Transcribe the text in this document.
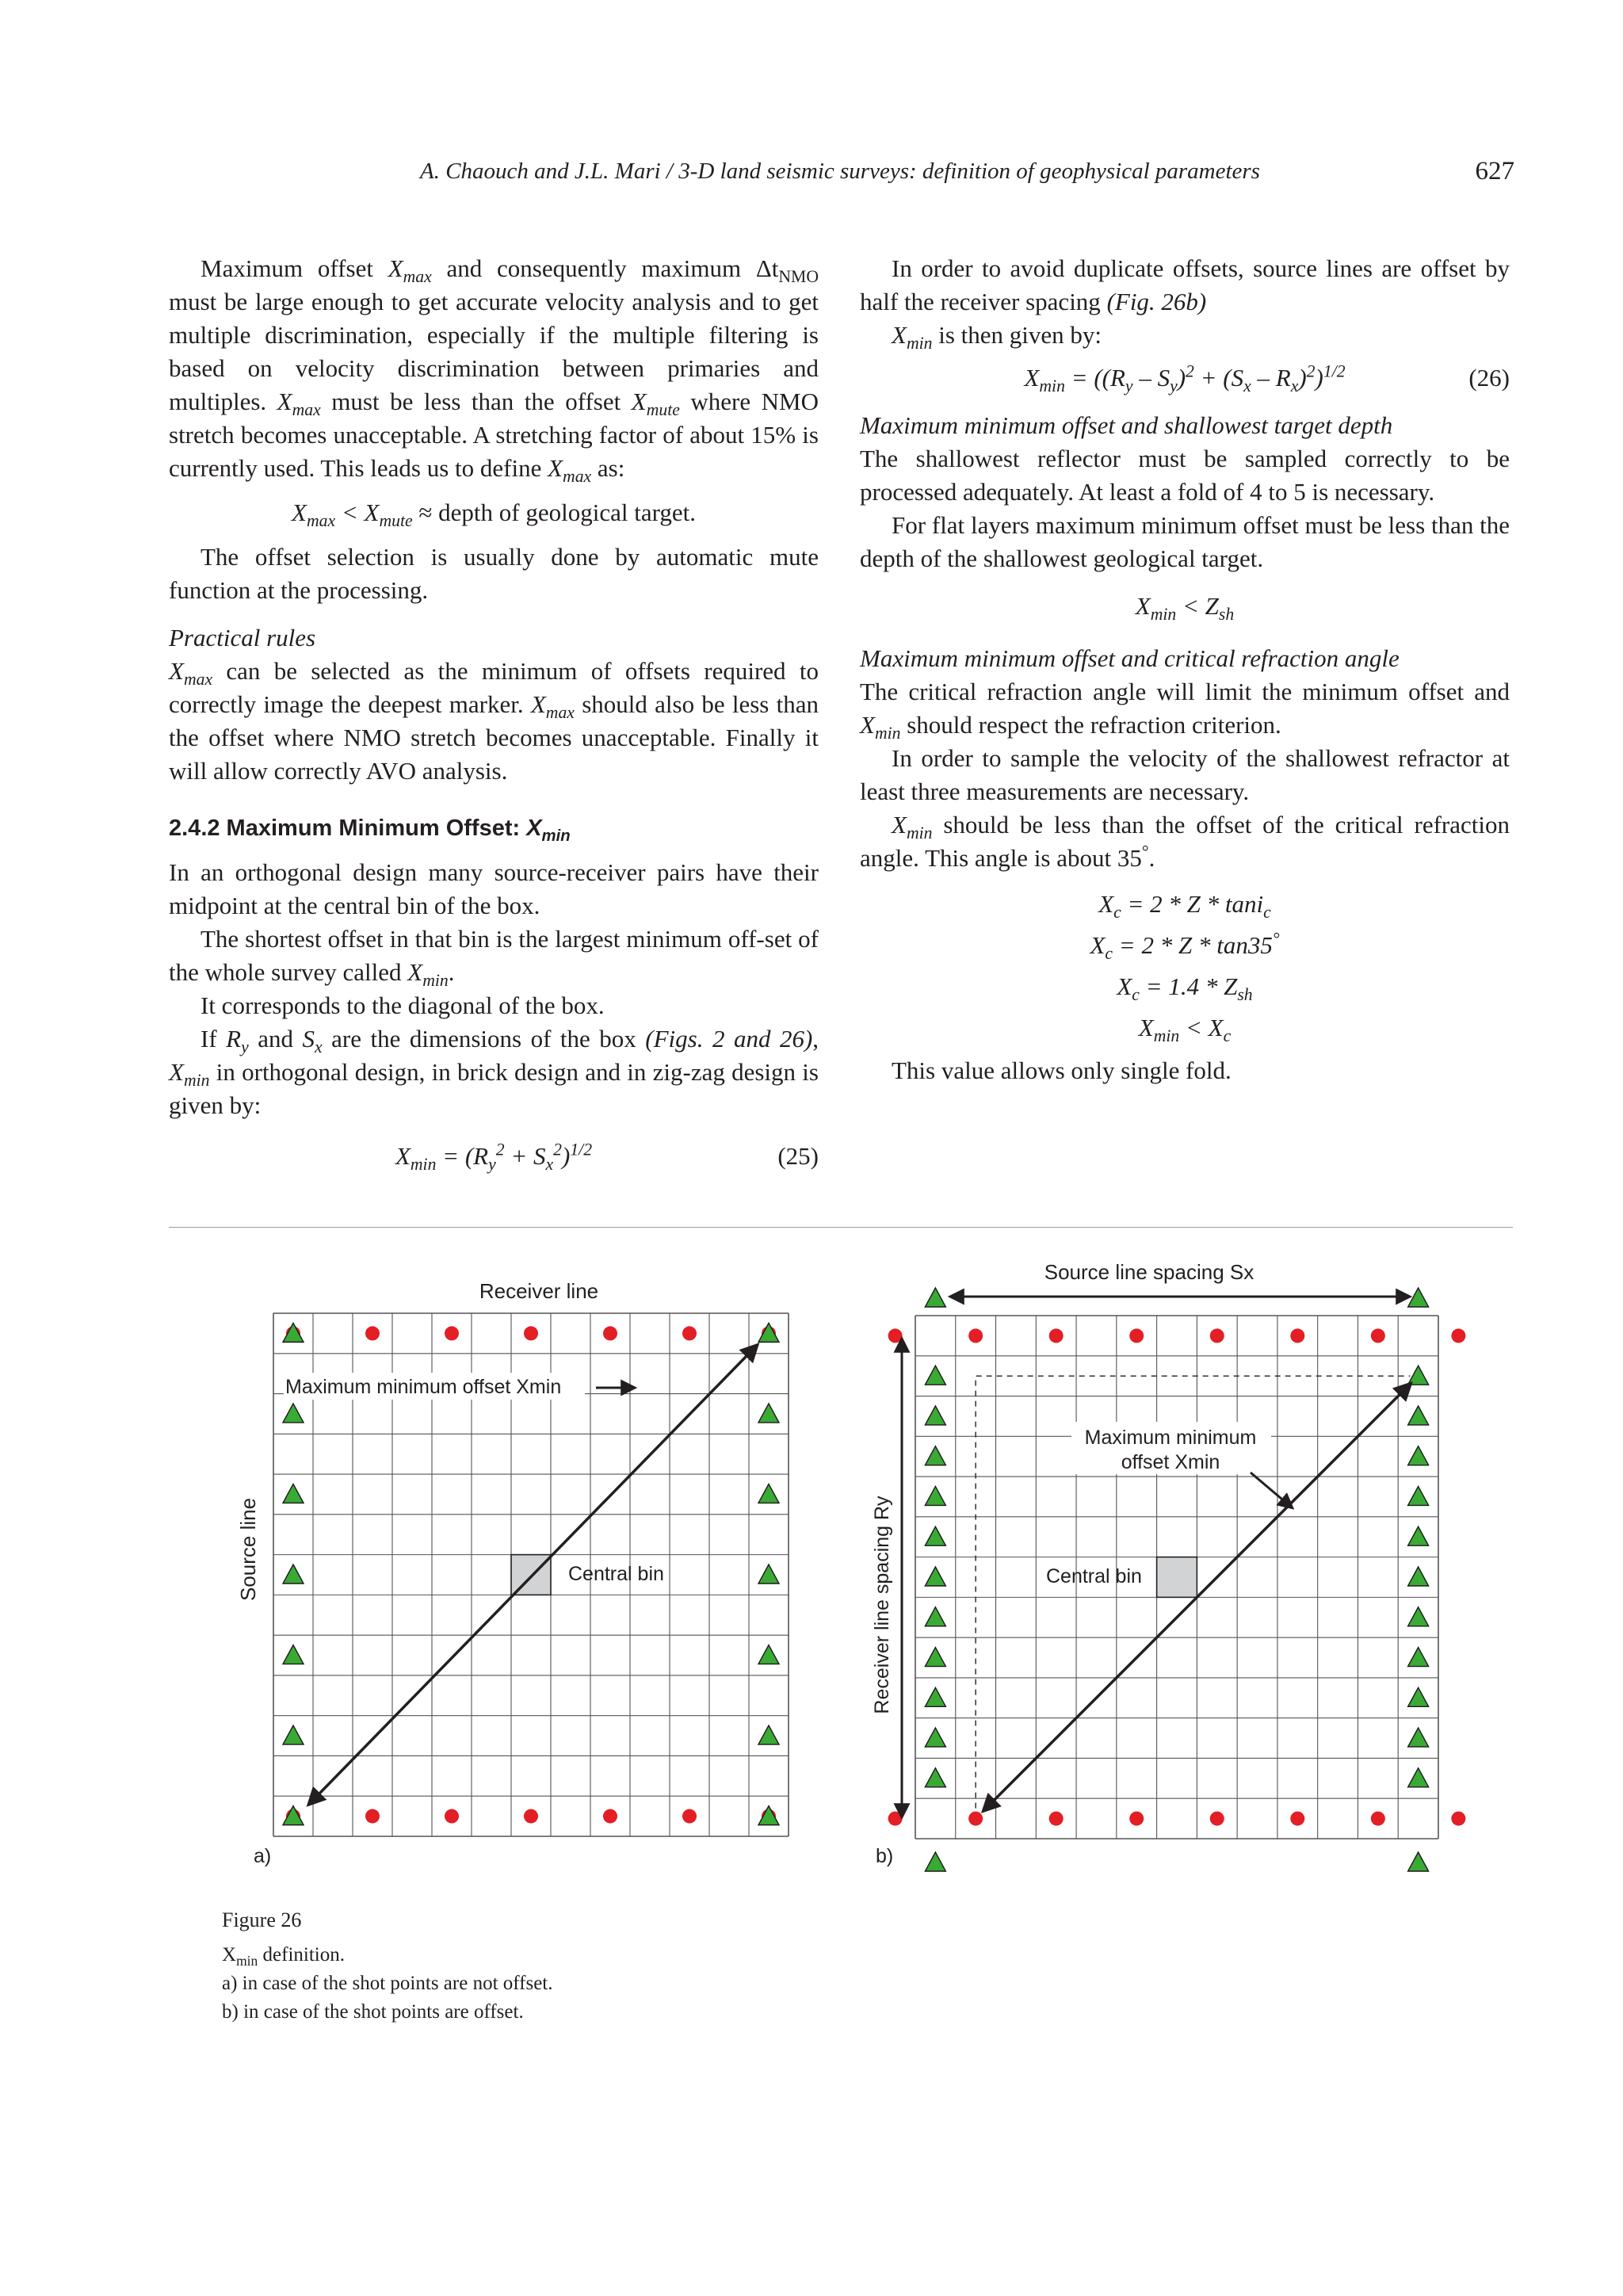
A. Chaouch and J.L. Mari / 3-D land seismic surveys: definition of geophysical parameters	627

Maximum offset $X_{max}$ and consequently maximum $\Delta t_{NMO}$ must be large enough to get accurate velocity analysis and to get multiple discrimination, especially if the multiple filtering is based on velocity discrimination between primaries and multiples. $X_{max}$ must be less than the offset $X_{mute}$ where NMO stretch becomes unacceptable. A stretching factor of about 15% is currently used. This leads us to define $X_{max}$ as:

$X_{max} < X_{mute}$ ≈ depth of geological target.

The offset selection is usually done by automatic mute function at the processing.

Practical rules

$X_{max}$ can be selected as the minimum of offsets required to correctly image the deepest marker. $X_{max}$ should also be less than the offset where NMO stretch becomes unacceptable. Finally it will allow correctly AVO analysis.

2.4.2 Maximum Minimum Offset: $X_{min}$

In an orthogonal design many source-receiver pairs have their midpoint at the central bin of the box.

The shortest offset in that bin is the largest minimum off-set of the whole survey called $X_{min}$.

It corresponds to the diagonal of the box.

If $R_y$ and $S_x$ are the dimensions of the box (Figs. 2 and 26), $X_{min}$ in orthogonal design, in brick design and in zig-zag design is given by:

$X_{min} = (R_y^2 + S_x^2)^{1/2}$	(25)

In order to avoid duplicate offsets, source lines are offset by half the receiver spacing (Fig. 26b)

$X_{min}$ is then given by:

$X_{min} = ((R_y - S_y)^2 + (S_x - R_x)^2)^{1/2}$	(26)
Maximum minimum offset and shallowest target depth

The shallowest reflector must be sampled correctly to be processed adequately. At least a fold of 4 to 5 is necessary.

For flat layers maximum minimum offset must be less than the depth of the shallowest geological target.

$X_{min} < Z_{sh}$
Maximum minimum offset and critical refraction angle

The critical refraction angle will limit the minimum offset and $X_{min}$ should respect the refraction criterion.

In order to sample the velocity of the shallowest refractor at least three measurements are necessary.

$X_{min}$ should be less than the offset of the critical refraction angle. This angle is about 35°.

$X_c = 2 * Z * \tan i_c$
$X_c = 2 * Z * \tan 35^\circ$
$X_c = 1.4 * Z_{sh}$
$X_{min} < X_c$

This value allows only single fold.

Receiver line
Source line
Maximum minimum offset Xmin
Central bin
a)
Source line spacing Sx
Receiver line spacing Ry
Maximum minimum
offset Xmin
Central bin
b)
Figure 26
$X_{min}$ definition.
a) in case of the shot points are not offset.
b) in case of the shot points are offset.
